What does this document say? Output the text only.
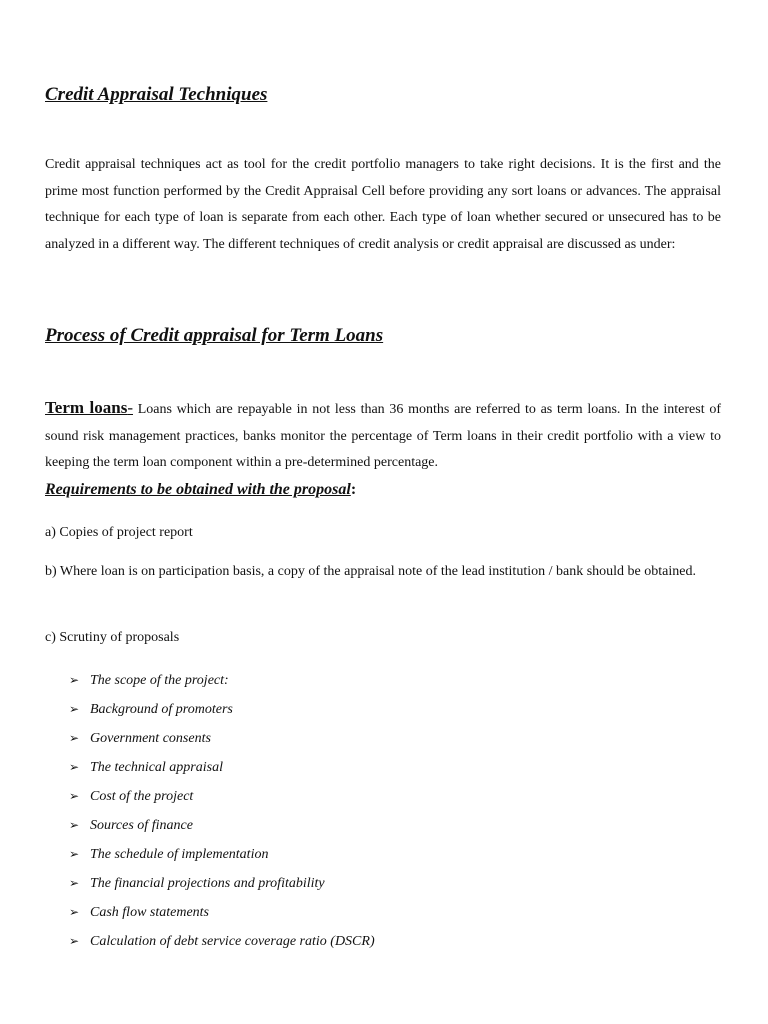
Credit Appraisal Techniques

Credit appraisal techniques act as tool for the credit portfolio managers to take right decisions. It is the first and the prime most function performed by the Credit Appraisal Cell before providing any sort loans or advances. The appraisal technique for each type of loan is separate from each other. Each type of loan whether secured or unsecured has to be analyzed in a different way. The different techniques of credit analysis or credit appraisal are discussed as under:

Process of Credit appraisal for Term Loans

Term loans- Loans which are repayable in not less than 36 months are referred to as term loans. In the interest of sound risk management practices, banks monitor the percentage of Term loans in their credit portfolio with a view to keeping the term loan component within a pre-determined percentage.

Requirements to be obtained with the proposal:

a) Copies of project report

b) Where loan is on participation basis, a copy of the appraisal note of the lead institution / bank should be obtained.

c) Scrutiny of proposals

➢ The scope of the project:
➢ Background of promoters
➢ Government consents
➢ The technical appraisal
➢ Cost of the project
➢ Sources of finance
➢ The schedule of implementation
➢ The financial projections and profitability
➢ Cash flow statements
➢ Calculation of debt service coverage ratio (DSCR)
